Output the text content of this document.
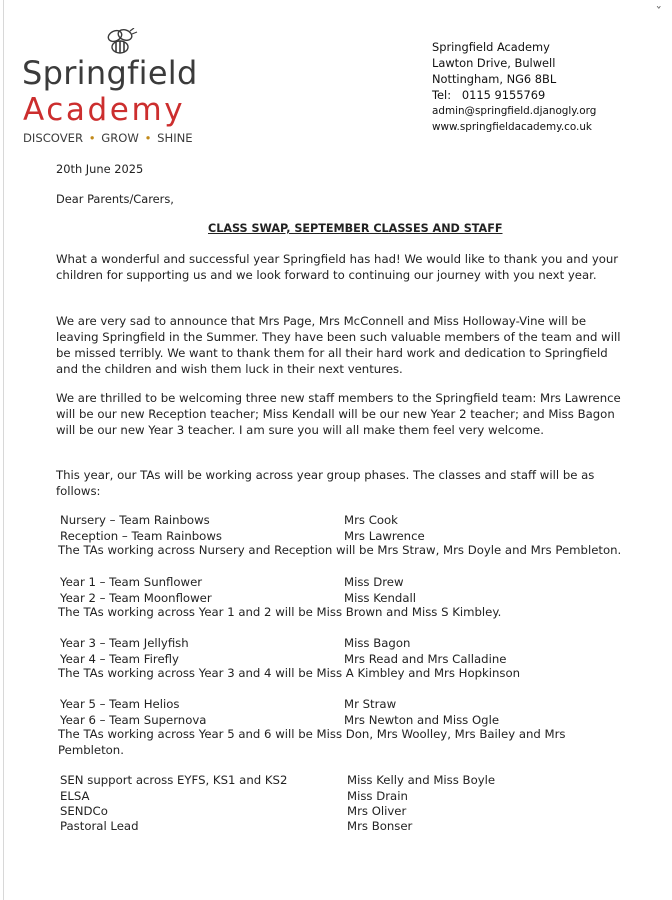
ˇ
Springfield
Academy
DISCOVER • GROW • SHINE
Springfield Academy
Lawton Drive, Bulwell
Nottingham, NG6 8BL
Tel:   0115 9155769
admin@springfield.djanogly.org
www.springfieldacademy.co.uk
20th June 2025
Dear Parents/Carers,
CLASS SWAP, SEPTEMBER CLASSES AND STAFF
What a wonderful and successful year Springfield has had! We would like to thank you and your children for supporting us and we look forward to continuing our journey with you next year.
We are very sad to announce that Mrs Page, Mrs McConnell and Miss Holloway-Vine will be leaving Springfield in the Summer. They have been such valuable members of the team and will be missed terribly. We want to thank them for all their hard work and dedication to Springfield and the children and wish them luck in their next ventures.
We are thrilled to be welcoming three new staff members to the Springfield team: Mrs Lawrence will be our new Reception teacher; Miss Kendall will be our new Year 2 teacher; and Miss Bagon will be our new Year 3 teacher. I am sure you will all make them feel very welcome.
This year, our TAs will be working across year group phases. The classes and staff will be as follows:
Nursery – Team Rainbows	Mrs Cook
Reception – Team Rainbows	Mrs Lawrence
The TAs working across Nursery and Reception will be Mrs Straw, Mrs Doyle and Mrs Pembleton.
Year 1 – Team Sunflower	Miss Drew
Year 2 – Team Moonflower	Miss Kendall
The TAs working across Year 1 and 2 will be Miss Brown and Miss S Kimbley.
Year 3 – Team Jellyfish	Miss Bagon
Year 4 – Team Firefly	Mrs Read and Mrs Calladine
The TAs working across Year 3 and 4 will be Miss A Kimbley and Mrs Hopkinson
Year 5 – Team Helios	Mr Straw
Year 6 – Team Supernova	Mrs Newton and Miss Ogle
The TAs working across Year 5 and 6 will be Miss Don, Mrs Woolley, Mrs Bailey and Mrs Pembleton.
SEN support across EYFS, KS1 and KS2	Miss Kelly and Miss Boyle
ELSA	Miss Drain
SENDCo	Mrs Oliver
Pastoral Lead	Mrs Bonser
